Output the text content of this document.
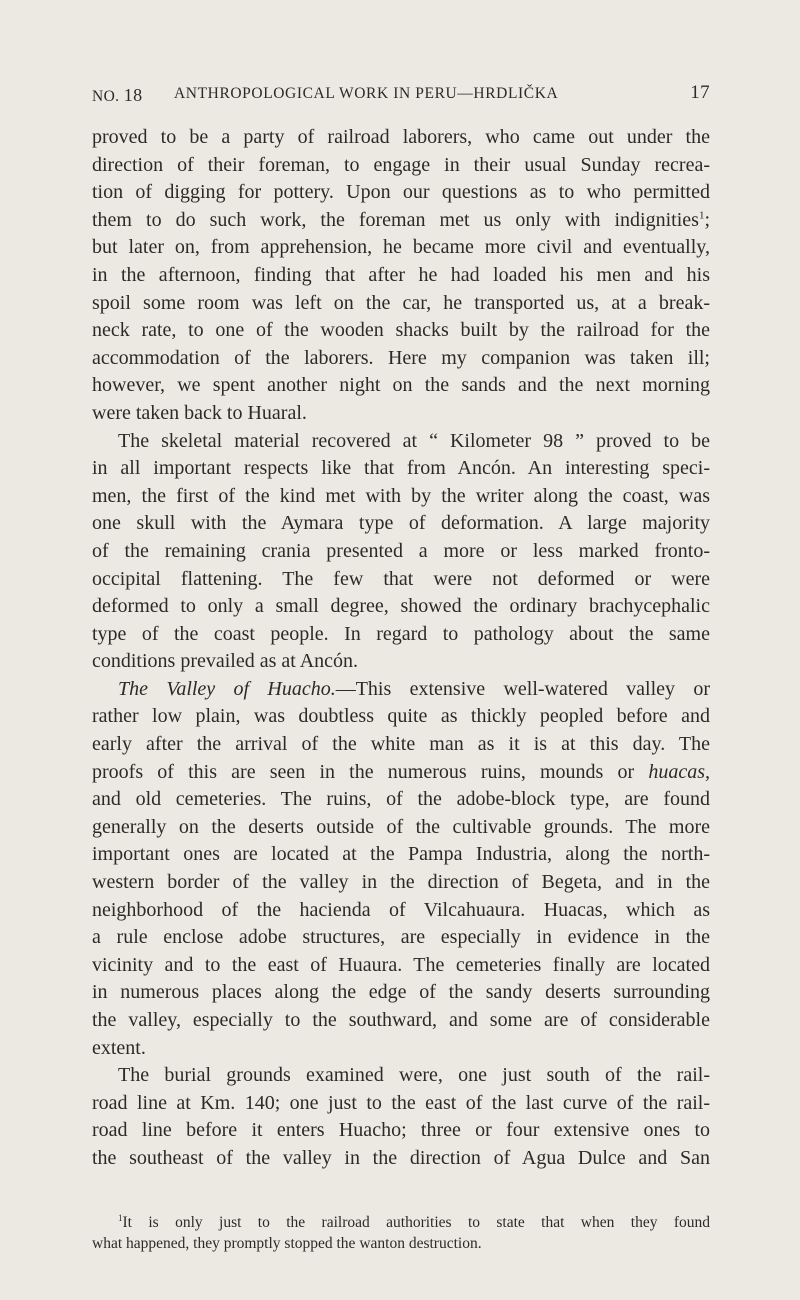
NO. 18 ANTHROPOLOGICAL WORK IN PERU—HRDLIČKA	17
proved to be a party of railroad laborers, who came out under the
direction of their foreman, to engage in their usual Sunday recrea-
tion of digging for pottery. Upon our questions as to who permitted
them to do such work, the foreman met us only with indignities$^1$;
but later on, from apprehension, he became more civil and eventually,
in the afternoon, finding that after he had loaded his men and his
spoil some room was left on the car, he transported us, at a break-
neck rate, to one of the wooden shacks built by the railroad for the
accommodation of the laborers. Here my companion was taken ill;
however, we spent another night on the sands and the next morning
were taken back to Huaral.
The skeletal material recovered at “ Kilometer 98 ” proved to be
in all important respects like that from Ancón. An interesting speci-
men, the first of the kind met with by the writer along the coast, was
one skull with the Aymara type of deformation. A large majority
of the remaining crania presented a more or less marked fronto-
occipital flattening. The few that were not deformed or were
deformed to only a small degree, showed the ordinary brachycephalic
type of the coast people. In regard to pathology about the same
conditions prevailed as at Ancón.
The Valley of Huacho.—This extensive well-watered valley or
rather low plain, was doubtless quite as thickly peopled before and
early after the arrival of the white man as it is at this day. The
proofs of this are seen in the numerous ruins, mounds or huacas,
and old cemeteries. The ruins, of the adobe-block type, are found
generally on the deserts outside of the cultivable grounds. The more
important ones are located at the Pampa Industria, along the north-
western border of the valley in the direction of Begeta, and in the
neighborhood of the hacienda of Vilcahuaura. Huacas, which as
a rule enclose adobe structures, are especially in evidence in the
vicinity and to the east of Huaura. The cemeteries finally are located
in numerous places along the edge of the sandy deserts surrounding
the valley, especially to the southward, and some are of considerable
extent.
The burial grounds examined were, one just south of the rail-
road line at Km. 140; one just to the east of the last curve of the rail-
road line before it enters Huacho; three or four extensive ones to
the southeast of the valley in the direction of Agua Dulce and San
$^1$It is only just to the railroad authorities to state that when they found
what happened, they promptly stopped the wanton destruction.
